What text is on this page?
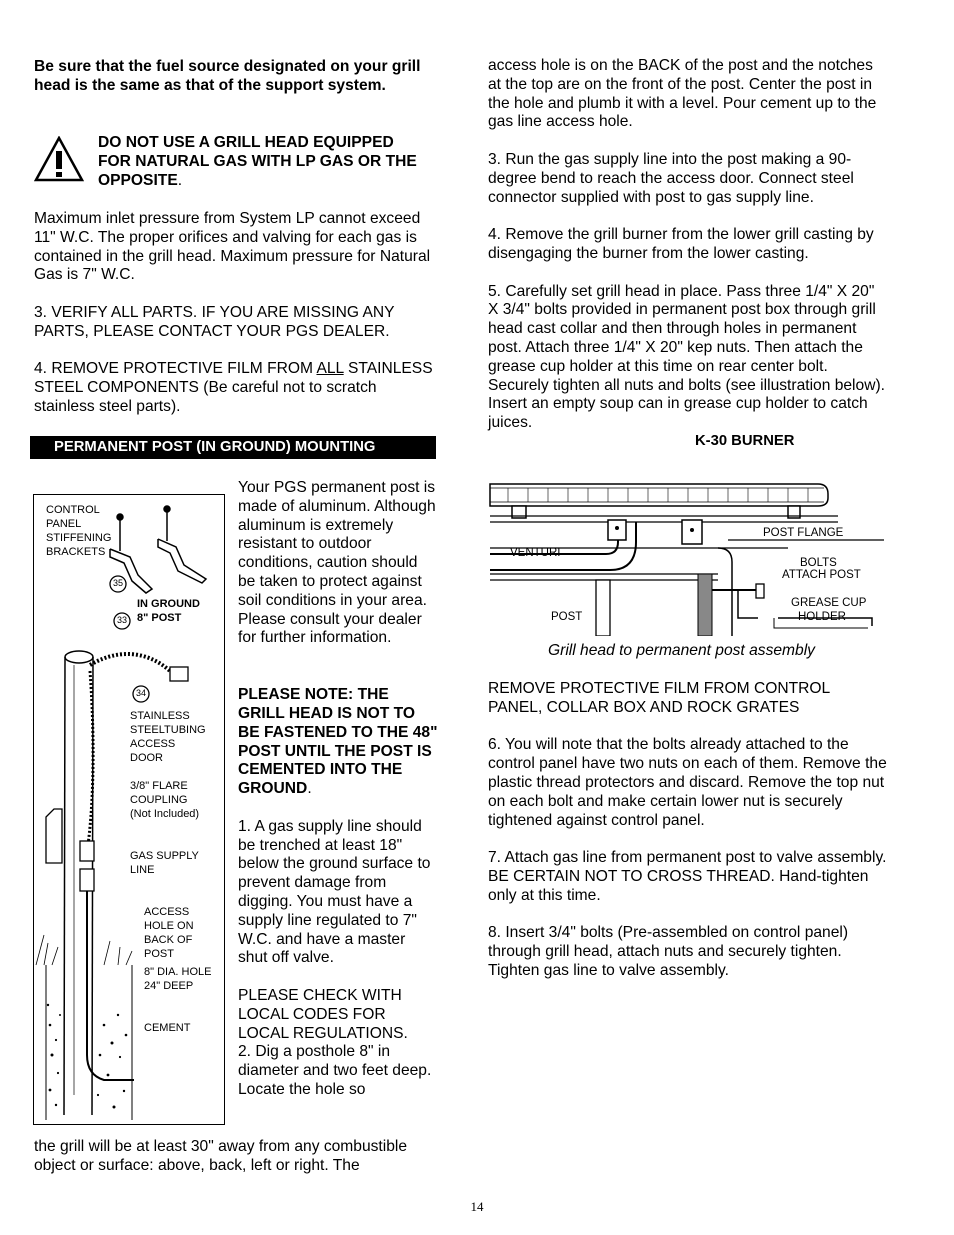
Be sure that the fuel source designated on your grill head is the same as that of the support system.

DO NOT USE A GRILL HEAD EQUIPPED FOR NATURAL GAS WITH LP GAS OR THE OPPOSITE.

Maximum inlet pressure from System LP cannot exceed 11" W.C. The proper orifices and valving for each gas is contained in the grill head. Maximum pressure for Natural Gas is 7" W.C.

3. VERIFY ALL PARTS. IF YOU ARE MISSING ANY PARTS, PLEASE CONTACT YOUR PGS DEALER.

4. REMOVE PROTECTIVE FILM FROM ALL STAINLESS STEEL COMPONENTS (Be careful not to scratch stainless steel parts).

PERMANENT POST (IN GROUND) MOUNTING
CONTROL
PANEL
STIFFENING
BRACKETS
35
33
34
IN GROUND
8" POST
STAINLESS
STEELTUBING
ACCESS
DOOR
3/8" FLARE
COUPLING
(Not Included)
GAS SUPPLY
LINE
ACCESS
HOLE ON
BACK OF
POST
8" DIA. HOLE
24" DEEP
CEMENT

Your PGS permanent post is made of aluminum. Although aluminum is extremely resistant to outdoor conditions, caution should be taken to protect against soil conditions in your area. Please consult your dealer for further information.

PLEASE NOTE: THE GRILL HEAD IS NOT TO BE FASTENED TO THE 48" POST UNTIL THE POST IS CEMENTED INTO THE GROUND.

1. A gas supply line should be trenched at least 18" below the ground surface to prevent damage from digging. You must have a supply line regulated to 7" W.C. and have a master shut off valve.

PLEASE CHECK WITH LOCAL CODES FOR LOCAL REGULATIONS.

2. Dig a posthole 8" in diameter and two feet deep. Locate the hole so

the grill will be at least 30" away from any combustible object or surface: above, back, left or right. The

access hole is on the BACK of the post and the notches at the top are on the front of the post. Center the post in the hole and plumb it with a level. Pour cement up to the gas line access hole.

3. Run the gas supply line into the post making a 90-degree bend to reach the access door. Connect steel connector supplied with post to gas supply line.

4. Remove the grill burner from the lower grill casting by disengaging the burner from the lower casting.

5. Carefully set grill head in place. Pass three 1/4" X 20" X 3/4" bolts provided in permanent post box through grill head cast collar and then through holes in permanent post. Attach three 1/4" X 20" kep nuts. Then attach the grease cup holder at this time on rear center bolt. Securely tighten all nuts and bolts (see illustration below). Insert an empty soup can in grease cup holder to catch juices.

K-30 BURNER
VENTURI
POST FLANGE
BOLTS
ATTACH POST
POST
GREASE CUP
HOLDER
Grill head to permanent post assembly

REMOVE PROTECTIVE FILM FROM CONTROL PANEL, COLLAR BOX AND ROCK GRATES

6. You will note that the bolts already attached to the control panel have two nuts on each of them. Remove the plastic thread protectors and discard. Remove the top nut on each bolt and make certain lower nut is securely tightened against control panel.

7. Attach gas line from permanent post to valve assembly. BE CERTAIN NOT TO CROSS THREAD. Hand-tighten only at this time.

8. Insert 3/4" bolts (Pre-assembled on control panel) through grill head, attach nuts and securely tighten. Tighten gas line to valve assembly.

14
